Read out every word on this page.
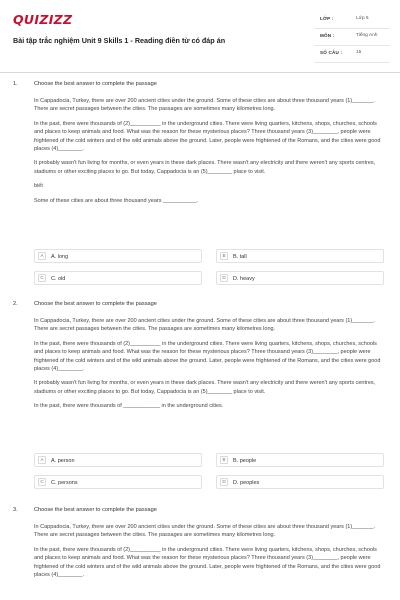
QUIZIZZ
Bài tập trắc nghiệm Unit 9 Skills 1 - Reading điền từ có đáp án
LỚP :	Lớp 6
MÔN :	Tiếng Anh
SỐ CÂU :	15
1.	Choose the best answer to complete the passage

In Cappadocia, Turkey, there are over 200 ancient cities under the ground. Some of these cities are about three thousand years (1)_______. There are secret passages between the cities. The passages are sometimes many kilometres long.

In the past, there were thousands of (2)__________ in the underground cities. There were living quarters, kitchens, shops, churches, schools and places to keep animals and food. What was the reason for these mysterious places? Three thousand years (3)________, people were frightened of the cold winters and of the wild animals above the ground. Later, people were frightened of the Romans, and the cities were good places (4)________.

It probably wasn't fun living for months, or even years in these dark places. There wasn't any electricity and there weren't any sports centres, stadiums or other exciting places to go. But today, Cappadocia is an (5)________ place to visit.

biết

Some of these cities are about three thousand years ___________.

A	A. long	B	B. tall
C	C. old	D	D. heavy
2.	Choose the best answer to complete the passage

In Cappadocia, Turkey, there are over 200 ancient cities under the ground. Some of these cities are about three thousand years (1)_______. There are secret passages between the cities. The passages are sometimes many kilometres long.

In the past, there were thousands of (2)__________ in the underground cities. There were living quarters, kitchens, shops, churches, schools and places to keep animals and food. What was the reason for these mysterious places? Three thousand years (3)________, people were frightened of the cold winters and of the wild animals above the ground. Later, people were frightened of the Romans, and the cities were good places (4)________.

It probably wasn't fun living for months, or even years in these dark places. There wasn't any electricity and there weren't any sports centres, stadiums or other exciting places to go. But today, Cappadocia is an (5)________ place to visit.

In the past, there were thousands of ____________ in the underground cities.

A	A. person	B	B. people
C	C. persons	D	D. peoples
3.	Choose the best answer to complete the passage

In Cappadocia, Turkey, there are over 200 ancient cities under the ground. Some of these cities are about three thousand years (1)_______. There are secret passages between the cities. The passages are sometimes many kilometres long.

In the past, there were thousands of (2)__________ in the underground cities. There were living quarters, kitchens, shops, churches, schools and places to keep animals and food. What was the reason for these mysterious places? Three thousand years (3)________, people were frightened of the cold winters and of the wild animals above the ground. Later, people were frightened of the Romans, and the cities were good places (4)________.
